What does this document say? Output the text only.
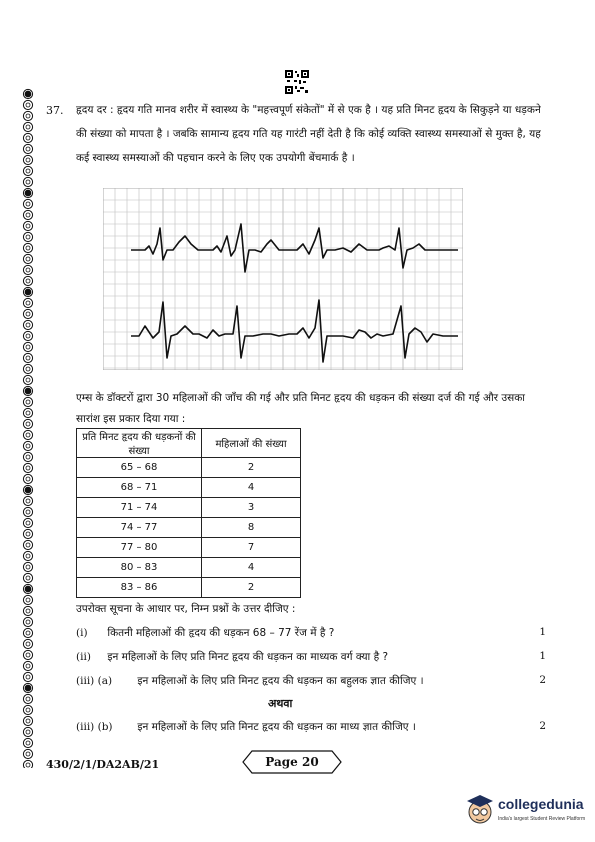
37. हृदय दर : हृदय गति मानव शरीर में स्वास्थ्य के "महत्त्वपूर्ण संकेतों" में से एक है । यह प्रति मिनट हृदय के सिकुड़ने या धड़कने की संख्या को मापता है । जबकि सामान्य हृदय गति यह गारंटी नहीं देती है कि कोई व्यक्ति स्वास्थ्य समस्याओं से मुक्त है, यह कई स्वास्थ्य समस्याओं की पहचान करने के लिए एक उपयोगी बेंचमार्क है ।
एम्स के डॉक्टरों द्वारा 30 महिलाओं की जाँच की गई और प्रति मिनट हृदय की धड़कन की संख्या दर्ज की गई और उसका सारांश इस प्रकार दिया गया :
प्रति मिनट हृदय की धड़कनों की संख्या	महिलाओं की संख्या
65 – 68	2
68 – 71	4
71 – 74	3
74 – 77	8
77 – 80	7
80 – 83	4
83 – 86	2
उपरोक्त सूचना के आधार पर, निम्न प्रश्नों के उत्तर दीजिए :
(i) कितनी महिलाओं की हृदय की धड़कन 68 – 77 रेंज में है ?	1
(ii) इन महिलाओं के लिए प्रति मिनट हृदय की धड़कन का माध्यक वर्ग क्या है ?	1
(iii) (a) इन महिलाओं के लिए प्रति मिनट हृदय की धड़कन का बहुलक ज्ञात कीजिए ।	2
अथवा
(iii) (b) इन महिलाओं के लिए प्रति मिनट हृदय की धड़कन का माध्य ज्ञात कीजिए ।	2
430/2/1/DA2AB/21	Page 20
collegedunia
India's largest Student Review Platform
